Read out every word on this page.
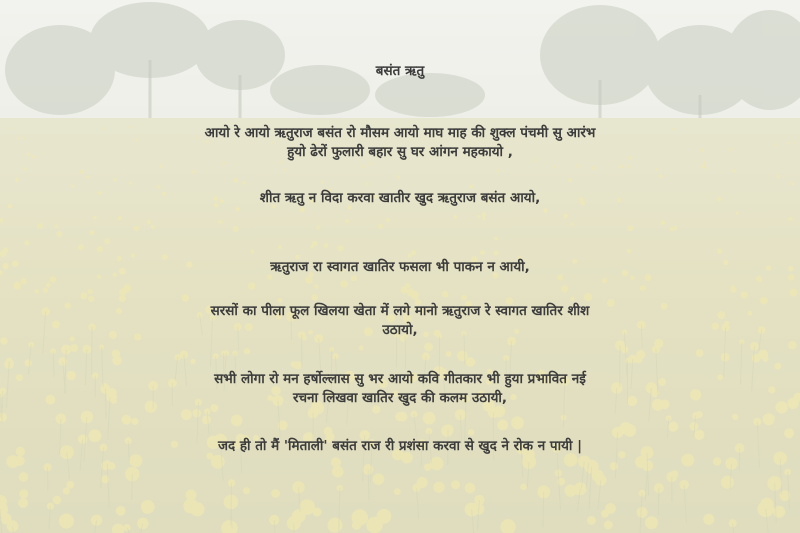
बसंत ऋतु
आयो रे आयो ऋतुराज बसंत रो मौसम आयो माघ माह की शुक्ल पंचमी सु आरंभ
हुयो ढेरों फुलारी बहार सु घर आंगन महकायो ,
शीत ऋतु न विदा करवा खातीर खुद ऋतुराज बसंत आयो,
ऋतुराज रा स्वागत खातिर फसला भी पाकन न आयी,
सरसों का पीला फूल खिलया खेता में लगे मानो ऋतुराज रे स्वागत खातिर शीश
उठायो,
सभी लोगा रो मन हर्षोल्लास सु भर आयो कवि गीतकार भी हुया प्रभावित नई
रचना लिखवा खातिर खुद की कलम उठायी,
जद ही तो मैं 'मिताली' बसंत राज री प्रशंसा करवा से खुद ने रोक न पायी |
